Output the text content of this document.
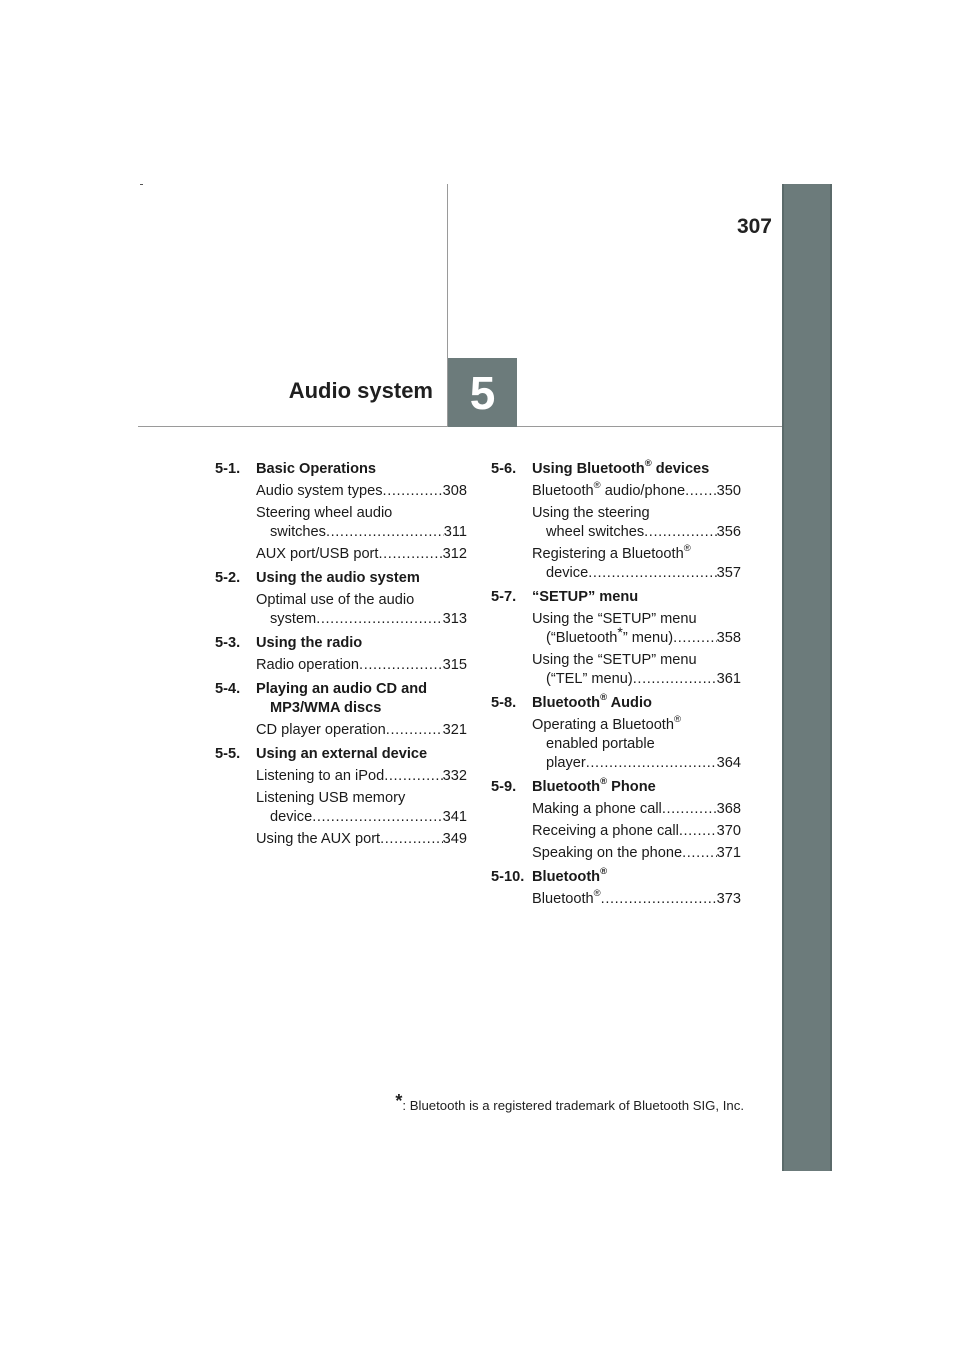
307
Audio system 5
5-1.	Basic Operations
Audio system types .....	308
Steering wheel audio
switches .....	311
AUX port/USB port .....	312
5-2.	Using the audio system
Optimal use of the audio
system .....	313
5-3.	Using the radio
Radio operation .....	315
5-4.	Playing an audio CD and
MP3/WMA discs
CD player operation .....	321
5-5.	Using an external device
Listening to an iPod .....	332
Listening USB memory
device .....	341
Using the AUX port .....	349
5-6.	Using Bluetooth® devices
Bluetooth® audio/phone ..... 350
Using the steering
wheel switches .....	356
Registering a Bluetooth®
device .....	357
5-7.	“SETUP” menu
Using the “SETUP” menu
(“Bluetooth*” menu) .....	358
Using the “SETUP” menu
(“TEL” menu) .....	361
5-8.	Bluetooth® Audio
Operating a Bluetooth®
enabled portable
player .....	364
5-9.	Bluetooth® Phone
Making a phone call .....	368
Receiving a phone call .....	370
Speaking on the phone ..... 371
5-10. Bluetooth®
Bluetooth® .....	373
*: Bluetooth is a registered trademark of Bluetooth SIG, Inc.
